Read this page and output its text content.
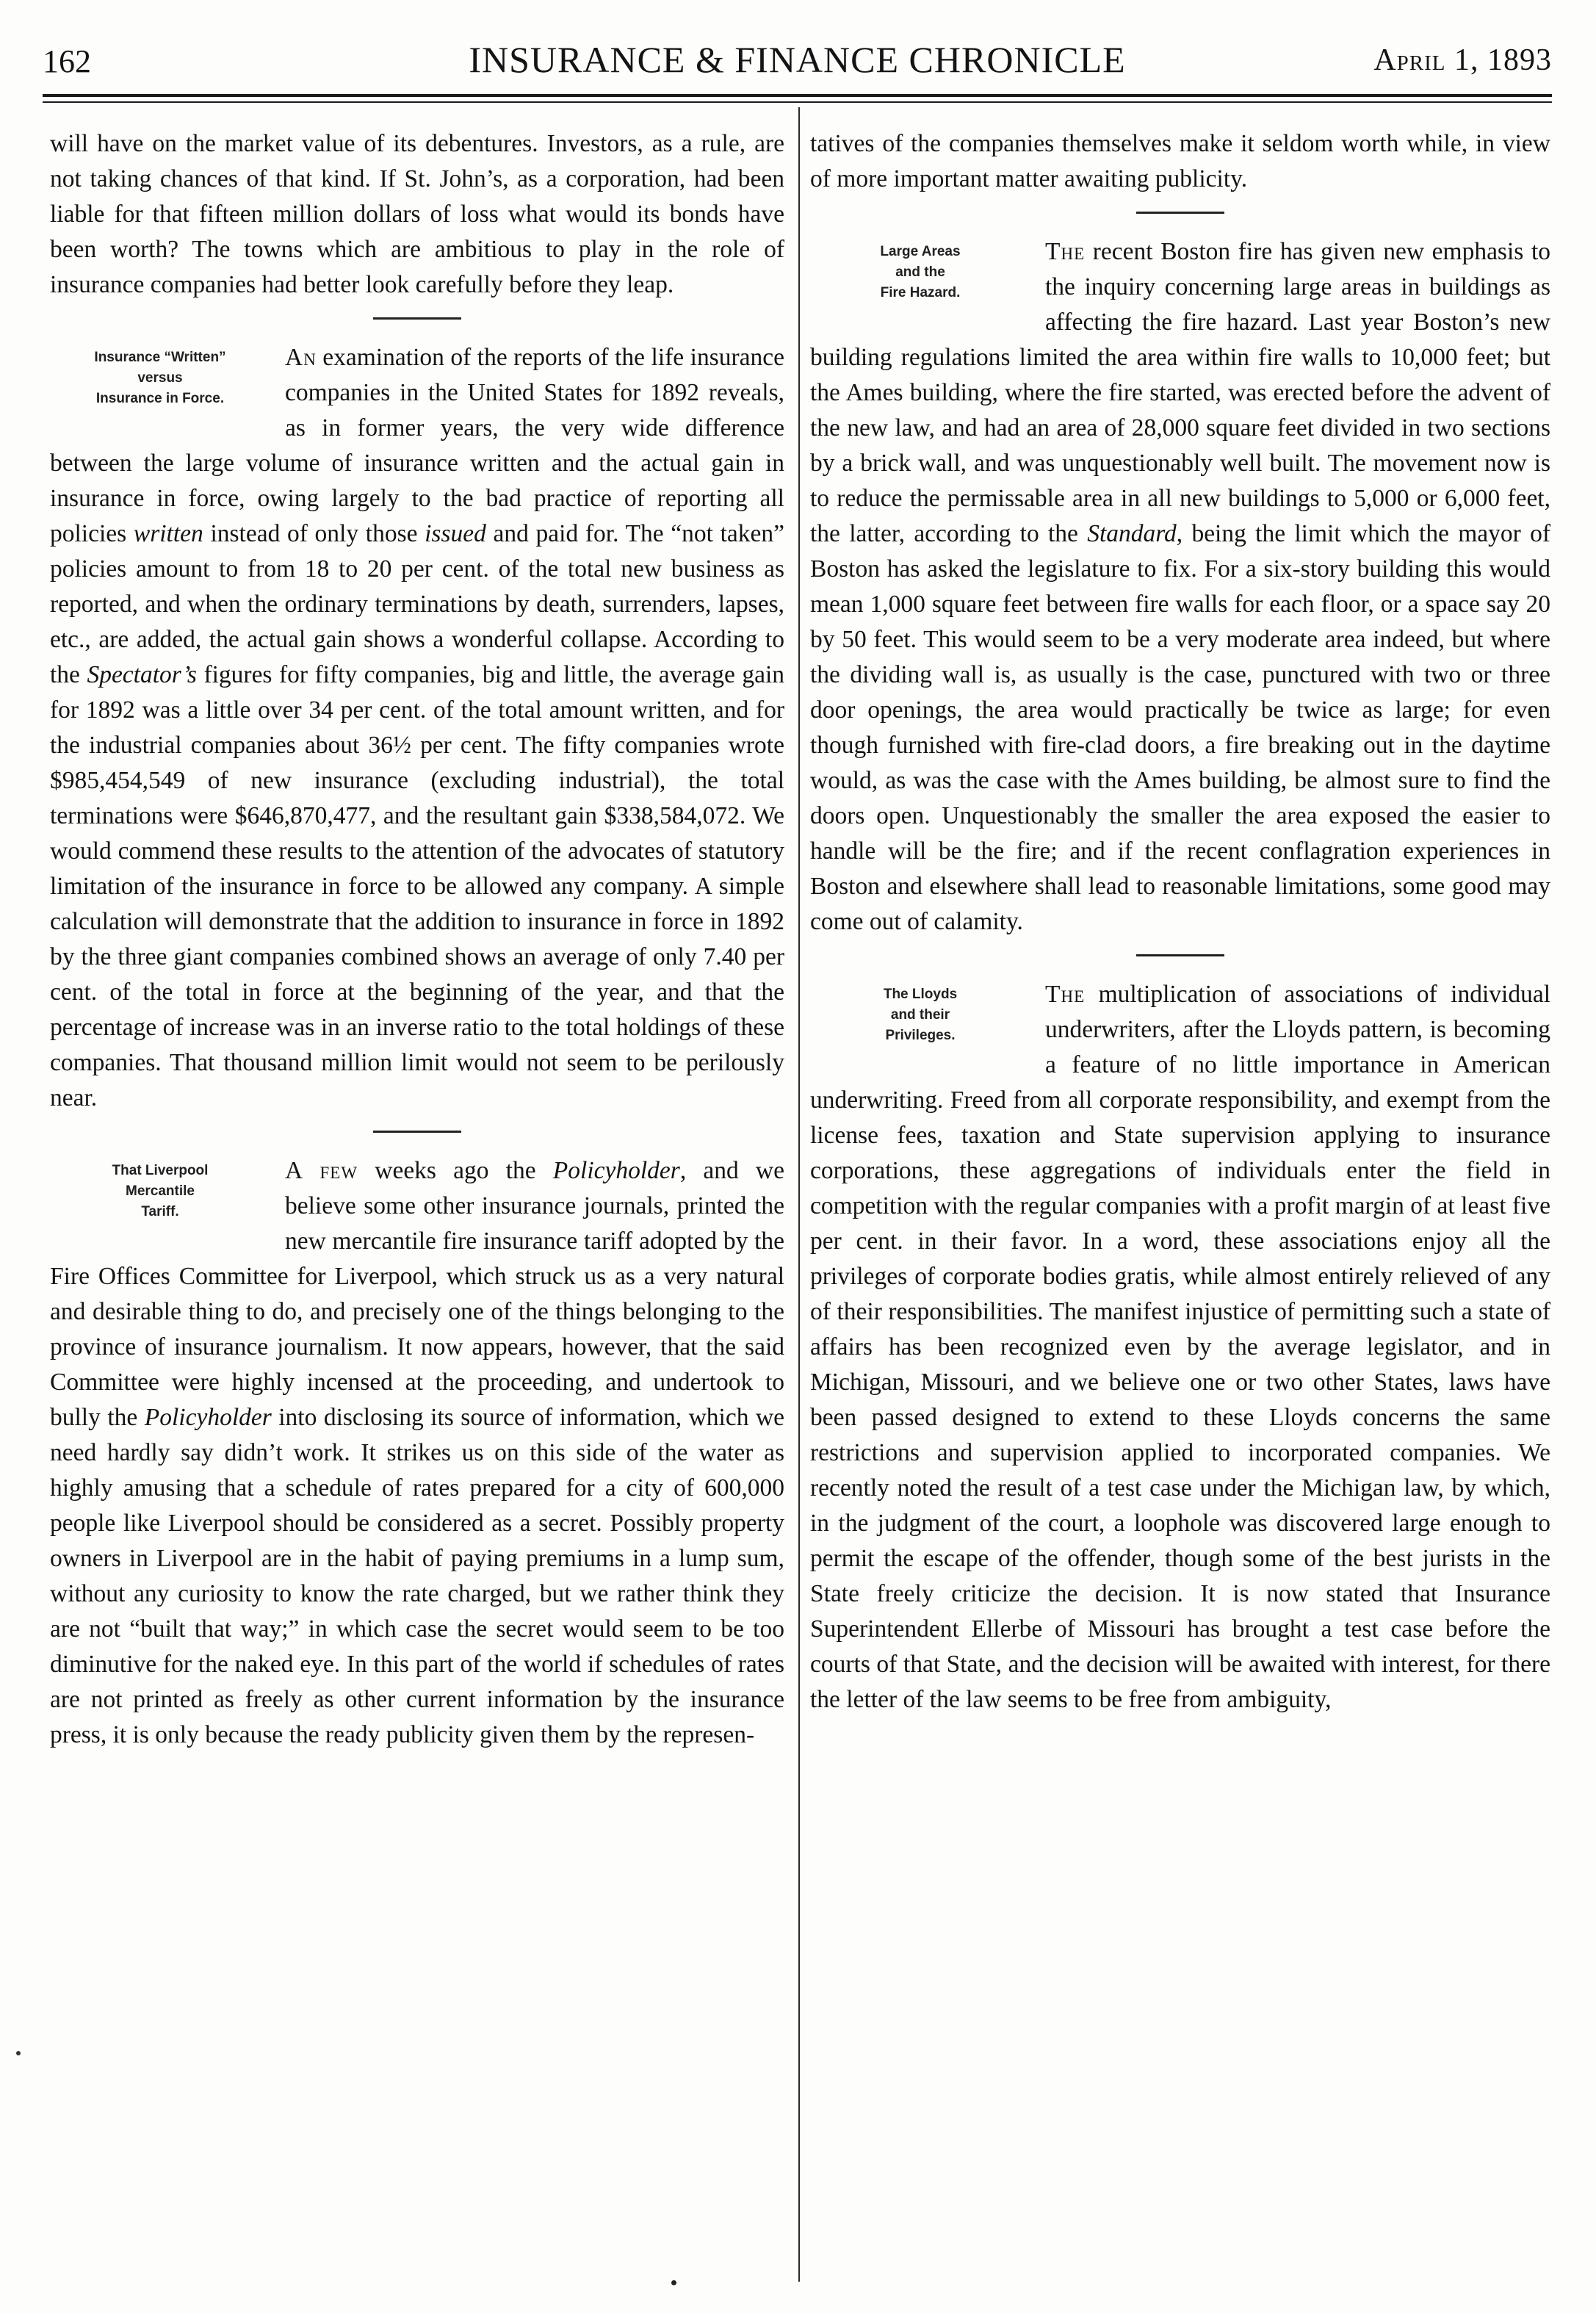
162	INSURANCE & FINANCE CHRONICLE	April 1, 1893

will have on the market value of its debentures. Investors, as a rule, are not taking chances of that kind. If St. John’s, as a corporation, had been liable for that fifteen million dollars of loss what would its bonds have been worth? The towns which are ambitious to play in the role of insurance companies had better look carefully before they leap.

Insurance “Written”
versus
Insurance in Force.

An examination of the reports of the life insurance companies in the United States for 1892 reveals, as in former years, the very wide difference between the large volume of insurance written and the actual gain in insurance in force, owing largely to the bad practice of reporting all policies written instead of only those issued and paid for. The “not taken” policies amount to from 18 to 20 per cent. of the total new business as reported, and when the ordinary terminations by death, surrenders, lapses, etc., are added, the actual gain shows a wonderful collapse. According to the Spectator’s figures for fifty companies, big and little, the average gain for 1892 was a little over 34 per cent. of the total amount written, and for the industrial companies about 36½ per cent. The fifty companies wrote $985,454,549 of new insurance (excluding industrial), the total terminations were $646,870,477, and the resultant gain $338,584,072. We would commend these results to the attention of the advocates of statutory limitation of the insurance in force to be allowed any company. A simple calculation will demonstrate that the addition to insurance in force in 1892 by the three giant companies combined shows an average of only 7.40 per cent. of the total in force at the beginning of the year, and that the percentage of increase was in an inverse ratio to the total holdings of these companies. That thousand million limit would not seem to be perilously near.

That Liverpool
Mercantile
Tariff.

A few weeks ago the Policyholder, and we believe some other insurance journals, printed the new mercantile fire insurance tariff adopted by the Fire Offices Committee for Liverpool, which struck us as a very natural and desirable thing to do, and precisely one of the things belonging to the province of insurance journalism. It now appears, however, that the said Committee were highly incensed at the proceeding, and undertook to bully the Policyholder into disclosing its source of information, which we need hardly say didn’t work. It strikes us on this side of the water as highly amusing that a schedule of rates prepared for a city of 600,000 people like Liverpool should be considered as a secret. Possibly property owners in Liverpool are in the habit of paying premiums in a lump sum, without any curiosity to know the rate charged, but we rather think they are not “built that way;” in which case the secret would seem to be too diminutive for the naked eye. In this part of the world if schedules of rates are not printed as freely as other current information by the insurance press, it is only because the ready publicity given them by the represen-

tatives of the companies themselves make it seldom worth while, in view of more important matter awaiting publicity.

Large Areas
and the
Fire Hazard.

The recent Boston fire has given new emphasis to the inquiry concerning large areas in buildings as affecting the fire hazard. Last year Boston’s new building regulations limited the area within fire walls to 10,000 feet; but the Ames building, where the fire started, was erected before the advent of the new law, and had an area of 28,000 square feet divided in two sections by a brick wall, and was unquestionably well built. The movement now is to reduce the permissable area in all new buildings to 5,000 or 6,000 feet, the latter, according to the Standard, being the limit which the mayor of Boston has asked the legislature to fix. For a six-story building this would mean 1,000 square feet between fire walls for each floor, or a space say 20 by 50 feet. This would seem to be a very moderate area indeed, but where the dividing wall is, as usually is the case, punctured with two or three door openings, the area would practically be twice as large; for even though furnished with fire-clad doors, a fire breaking out in the daytime would, as was the case with the Ames building, be almost sure to find the doors open. Unquestionably the smaller the area exposed the easier to handle will be the fire; and if the recent conflagration experiences in Boston and elsewhere shall lead to reasonable limitations, some good may come out of calamity.

The Lloyds
and their
Privileges.

The multiplication of associations of individual underwriters, after the Lloyds pattern, is becoming a feature of no little importance in American underwriting. Freed from all corporate responsibility, and exempt from the license fees, taxation and State supervision applying to insurance corporations, these aggregations of individuals enter the field in competition with the regular companies with a profit margin of at least five per cent. in their favor. In a word, these associations enjoy all the privileges of corporate bodies gratis, while almost entirely relieved of any of their responsibilities. The manifest injustice of permitting such a state of affairs has been recognized even by the average legislator, and in Michigan, Missouri, and we believe one or two other States, laws have been passed designed to extend to these Lloyds concerns the same restrictions and supervision applied to incorporated companies. We recently noted the result of a test case under the Michigan law, by which, in the judgment of the court, a loophole was discovered large enough to permit the escape of the offender, though some of the best jurists in the State freely criticize the decision. It is now stated that Insurance Superintendent Ellerbe of Missouri has brought a test case before the courts of that State, and the decision will be awaited with interest, for there the letter of the law seems to be free from ambiguity,
